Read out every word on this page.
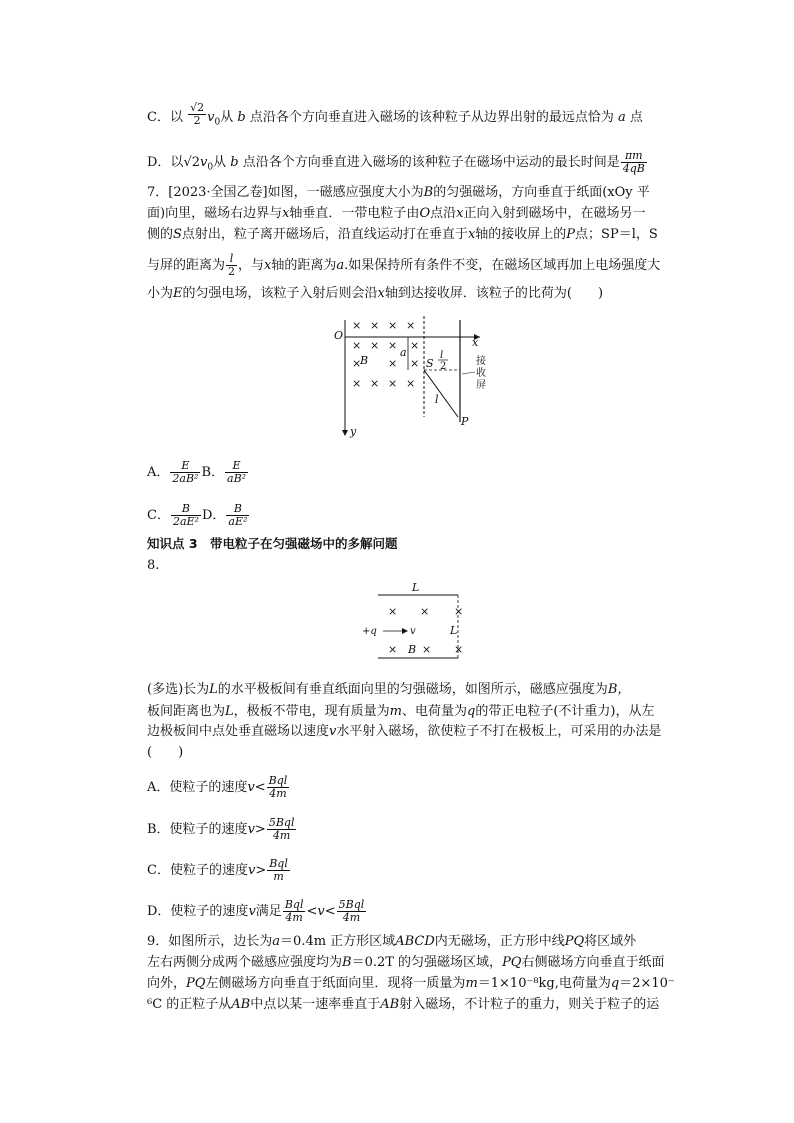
C．以 $\frac{√2}{2} v_0$从 b 点沿各个方向垂直进入磁场的该种粒子从边界出射的最远点恰为 a 点
D．以$√2v_0$从 b 点沿各个方向垂直进入磁场的该种粒子在磁场中运动的最长时间是 $\frac{\pi m}{4qB}$
7．[2023·全国乙卷]如图，一磁感应强度大小为B的匀强磁场，方向垂直于纸面(xOy 平
面)向里，磁场右边界与x轴垂直．一带电粒子由O点沿x正向入射到磁场中，在磁场另一
侧的S点射出，粒子离开磁场后，沿直线运动打在垂直于x轴的接收屏上的P点；SP＝l，S
与屏的距离为 $\frac{l}{2}$ ，与x轴的距离为a.如果保持所有条件不变，在磁场区域再加上电场强度大
小为E的匀强电场，该粒子入射后则会沿x轴到达接收屏．该粒子的比荷为(　　)
O
x
y
B
a
S
l
2
l
P
接
收
屏
× × × ×
× × × ×
× × ×
× × × ×
A． $\frac{E}{\text{2aB²}}$ B． $\frac{E}{\text{aB²}}$
C． $\frac{B}{\text{2aE²}}$ D． $\frac{B}{\text{aE²}}$
知识点 3　带电粒子在匀强磁场中的多解问题
8.
L
L
+q	v
B
× × ×
× × ×
(多选)长为L的水平极板间有垂直纸面向里的匀强磁场，如图所示，磁感应强度为B，
板间距离也为L，极板不带电，现有质量为m、电荷量为q的带正电粒子(不计重力)，从左
边极板间中点处垂直磁场以速度v水平射入磁场，欲使粒子不打在极板上，可采用的办法是
(　　)
A．使粒子的速度$v< \frac{\text{Bql}}{4m}$
B．使粒子的速度$v> \frac{\text{5Bql}}{4m}$
C．使粒子的速度$v> \frac{\text{Bql}}{m}$
D．使粒子的速度v满足 $\frac{\text{Bql}}{4m} <v< \frac{\text{5Bql}}{4m}$
9．如图所示，边长为a＝0.4m 正方形区域ABCD内无磁场，正方形中线PQ将区域外
左右两侧分成两个磁感应强度均为B＝0.2T 的匀强磁场区域，PQ右侧磁场方向垂直于纸面
向外，PQ左侧磁场方向垂直于纸面向里．现将一质量为m＝1×10⁻⁸kg,电荷量为q＝2×10⁻
⁶C 的正粒子从AB中点以某一速率垂直于AB射入磁场，不计粒子的重力，则关于粒子的运
